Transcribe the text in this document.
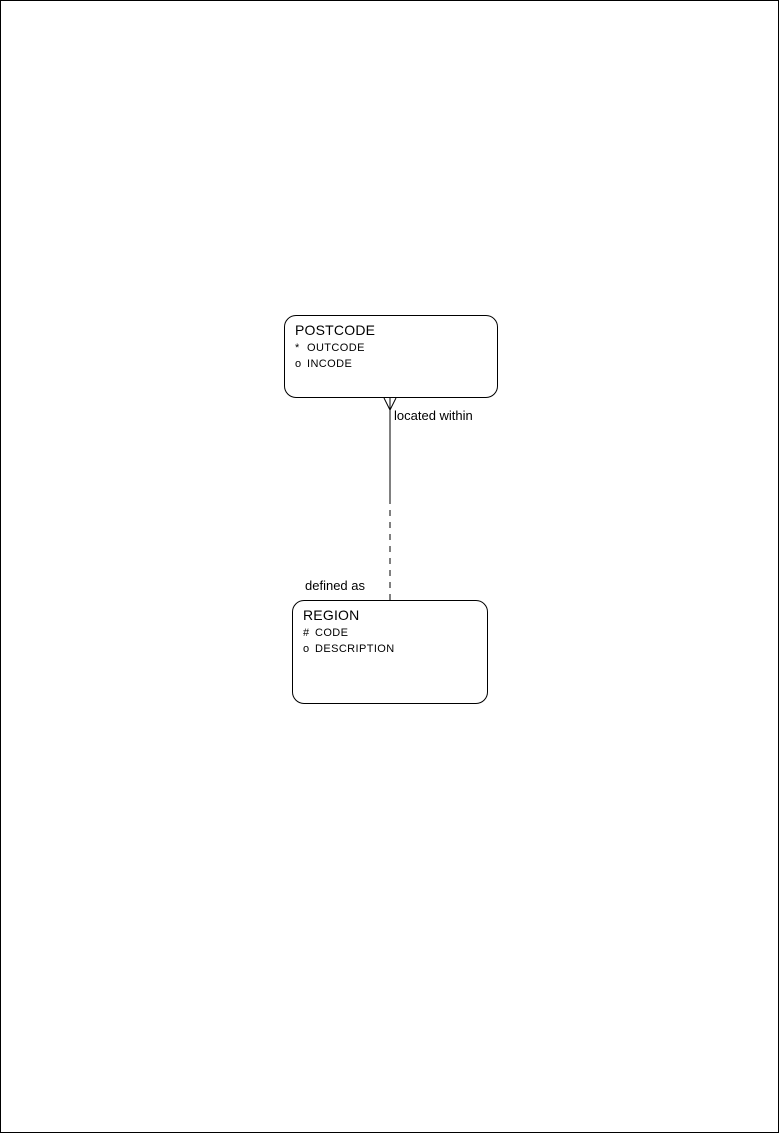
POSTCODE
* OUTCODE
o INCODE
REGION
# CODE
o DESCRIPTION
located within
defined as
